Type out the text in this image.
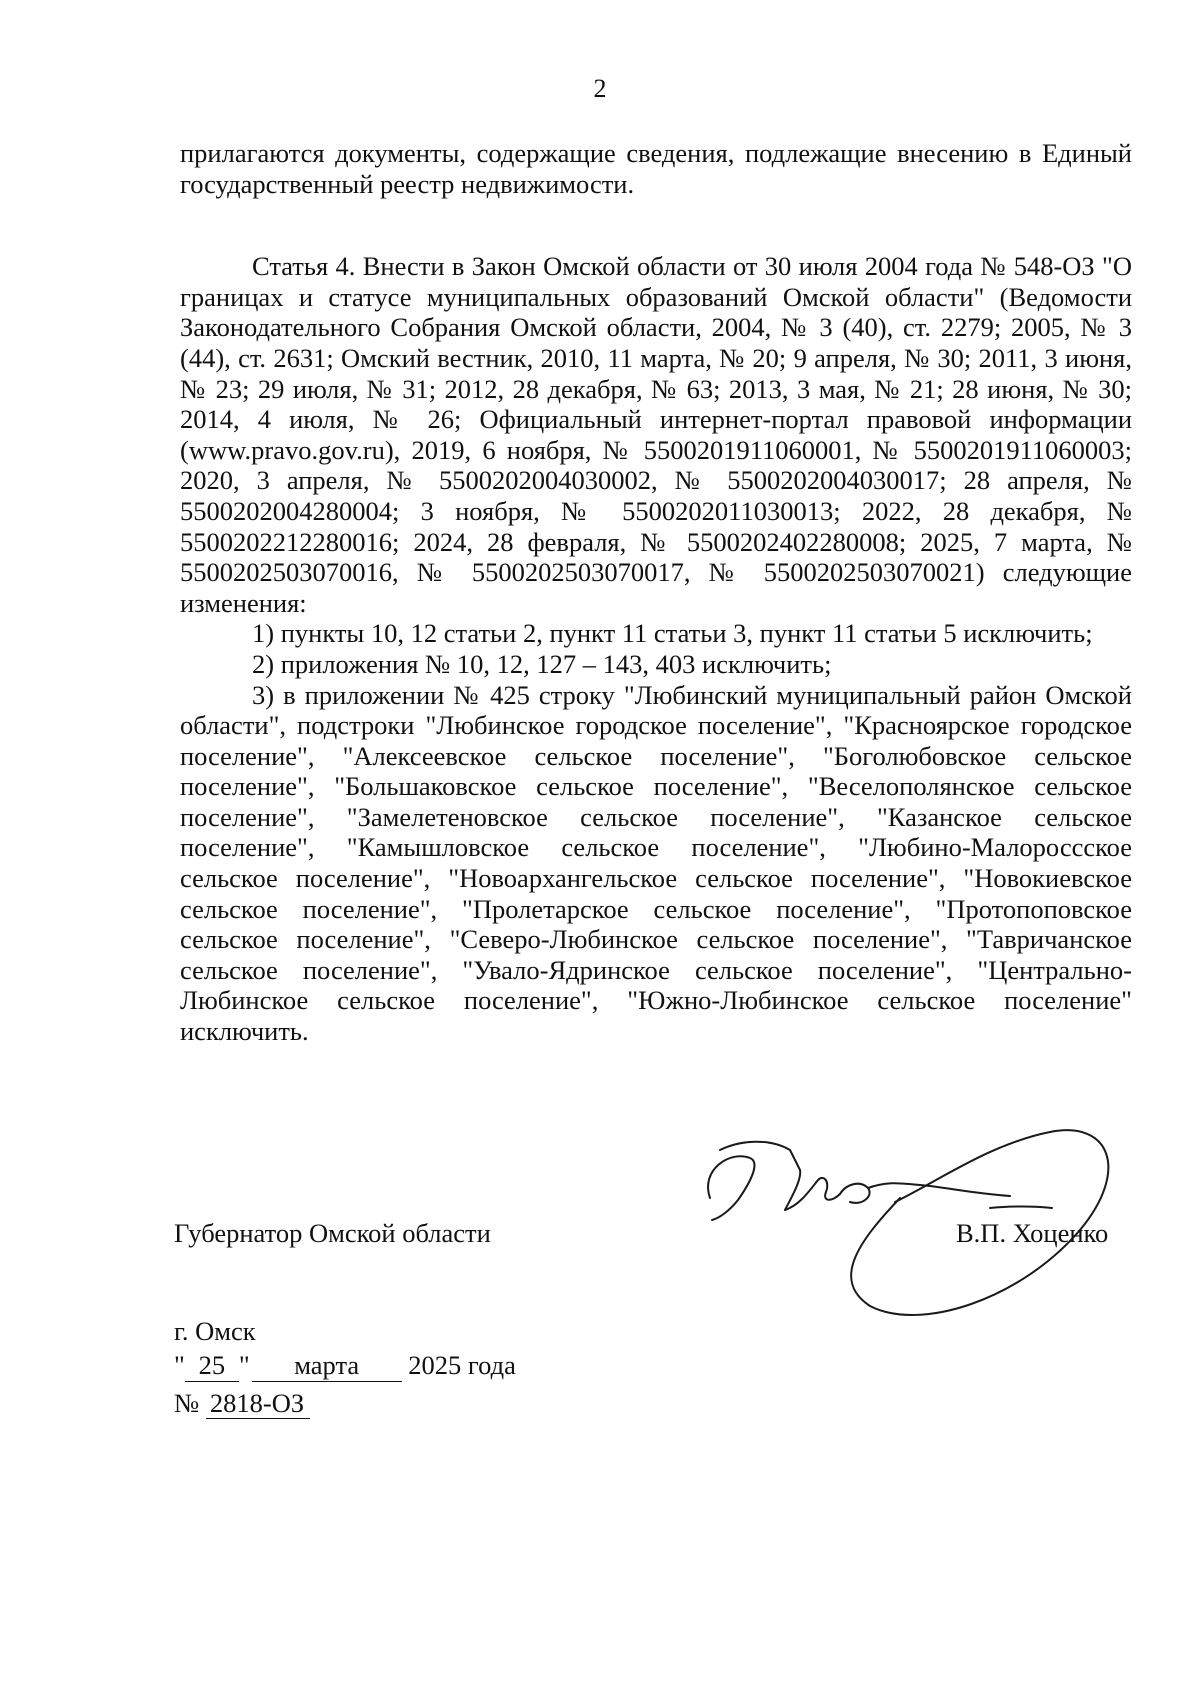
2

прилагаются документы, содержащие сведения, подлежащие внесению в Единый государственный реестр недвижимости.

Статья 4. Внести в Закон Омской области от 30 июля 2004 года № 548-ОЗ "О границах и статусе муниципальных образований Омской области" (Ведомости Законодательного Собрания Омской области, 2004, № 3 (40), ст. 2279; 2005, № 3 (44), ст. 2631; Омский вестник, 2010, 11 марта, № 20; 9 апреля, № 30; 2011, 3 июня, № 23; 29 июля, № 31; 2012, 28 декабря, № 63; 2013, 3 мая, № 21; 28 июня, № 30; 2014, 4 июля, № 26; Официальный интернет-портал правовой информации (www.pravo.gov.ru), 2019, 6 ноября, № 5500201911060001, № 5500201911060003; 2020, 3 апреля, № 5500202004030002, № 5500202004030017; 28 апреля, № 5500202004280004; 3 ноября, № 5500202011030013; 2022, 28 декабря, № 5500202212280016; 2024, 28 февраля, № 5500202402280008; 2025, 7 марта, № 5500202503070016, № 5500202503070017, № 5500202503070021) следующие изменения:

1) пункты 10, 12 статьи 2, пункт 11 статьи 3, пункт 11 статьи 5 исключить;

2) приложения № 10, 12, 127 – 143, 403 исключить;

3) в приложении № 425 строку "Любинский муниципальный район Омской области", подстроки "Любинское городское поселение", "Красноярское городское поселение", "Алексеевское сельское поселение", "Боголюбовское сельское поселение", "Большаковское сельское поселение", "Веселополянское сельское поселение", "Замелетеновское сельское поселение", "Казанское сельское поселение", "Камышловское сельское поселение", "Любино-Малороссское сельское поселение", "Новоархангельское сельское поселение", "Новокиевское сельское поселение", "Пролетарское сельское поселение", "Протопоповское сельское поселение", "Северо-Любинское сельское поселение", "Тавричанское сельское поселение", "Увало-Ядринское сельское поселение", "Центрально-Любинское сельское поселение", "Южно-Любинское сельское поселение" исключить.

Губернатор Омской области	В.П. Хоценко
г. Омск
" 25 " марта 2025 года
№ 2818-ОЗ
